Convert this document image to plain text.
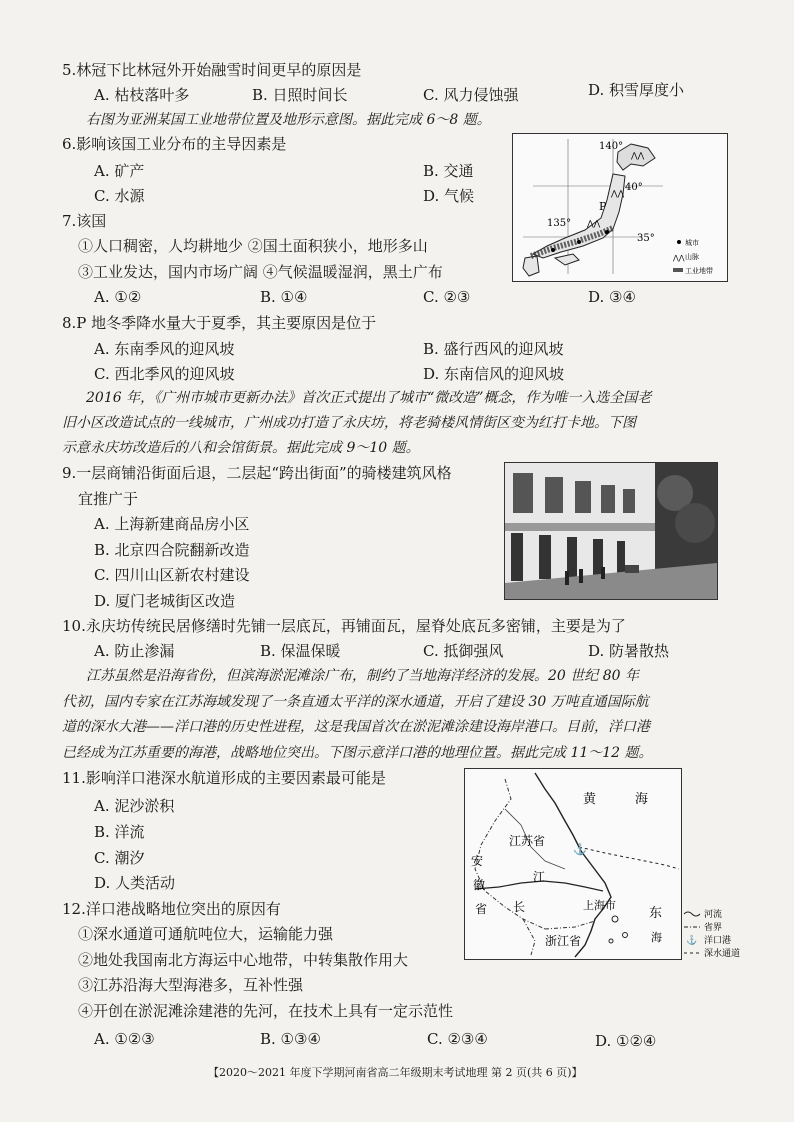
5.林冠下比林冠外开始融雪时间更早的原因是
A. 枯枝落叶多	B. 日照时间长	C. 风力侵蚀强	D. 积雪厚度小
右图为亚洲某国工业地带位置及地形示意图。据此完成 6～8 题。
6.影响该国工业分布的主导因素是
A. 矿产	B. 交通
C. 水源	D. 气候
7.该国
①人口稠密，人均耕地少 ②国土面积狭小，地形多山
③工业发达，国内市场广阔 ④气候温暖湿润，黑土广布
A. ①②	B. ①④	C. ②③	D. ③④
⋀⋀
⋀⋀
⋀⋀
140°
40°
135°
35°
P
城市
⋀⋀ 山脉
工业地带
8.P 地冬季降水量大于夏季，其主要原因是位于
A. 东南季风的迎风坡	B. 盛行西风的迎风坡
C. 西北季风的迎风坡	D. 东南信风的迎风坡
2016 年，《广州市城市更新办法》首次正式提出了城市“微改造”概念，作为唯一入选全国老
旧小区改造试点的一线城市，广州成功打造了永庆坊，将老骑楼风情街区变为红打卡地。下图
示意永庆坊改造后的八和会馆街景。据此完成 9～10 题。
9.一层商铺沿街面后退，二层起“跨出街面”的骑楼建筑风格
宜推广于
A. 上海新建商品房小区
B. 北京四合院翻新改造
C. 四川山区新农村建设
D. 厦门老城街区改造
10.永庆坊传统民居修缮时先铺一层底瓦，再铺面瓦，屋脊处底瓦多密铺，主要是为了
A. 防止渗漏	B. 保温保暖	C. 抵御强风	D. 防暑散热
江苏虽然是沿海省份，但滨海淤泥滩涂广布，制约了当地海洋经济的发展。20 世纪 80 年
代初，国内专家在江苏海域发现了一条直通太平洋的深水通道，开启了建设 30 万吨直通国际航
道的深水大港——洋口港的历史性进程，这是我国首次在淤泥滩涂建设海岸港口。目前，洋口港
已经成为江苏重要的海港，战略地位突出。下图示意洋口港的地理位置。据此完成 11～12 题。
11.影响洋口港深水航道形成的主要因素最可能是
A. 泥沙淤积
B. 洋流
C. 潮汐
D. 人类活动
⚓
黄	海
江苏省
安
徽
省
江
长	上海市
东
海
浙江省
河流
省界
⚓ 洋口港
深水通道
12.洋口港战略地位突出的原因有
①深水通道可通航吨位大，运输能力强
②地处我国南北方海运中心地带，中转集散作用大
③江苏沿海大型海港多，互补性强
④开创在淤泥滩涂建港的先河，在技术上具有一定示范性
A. ①②③	B. ①③④	C. ②③④	D. ①②④
【2020～2021 年度下学期河南省高二年级期末考试地理 第 2 页(共 6 页)】
